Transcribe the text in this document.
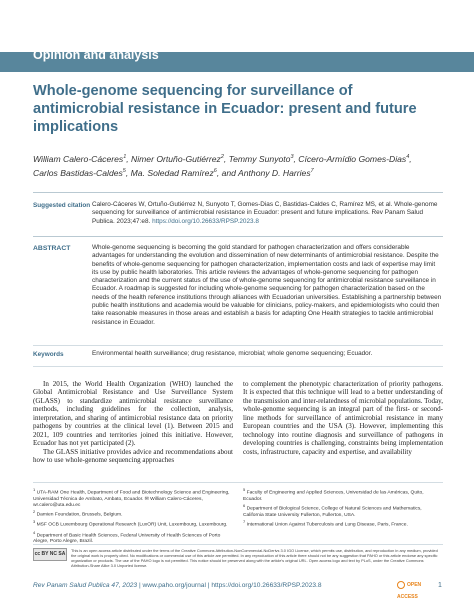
Opinion and analysis
Whole-genome sequencing for surveillance of antimicrobial resistance in Ecuador: present and future implications
William Calero-Cáceres$^1$, Nimer Ortuño-Gutiérrez$^2$, Temmy Sunyoto$^3$, Cícero-Armídio Gomes-Dias$^4$,
Carlos Bastidas-Caldes$^5$, Ma. Soledad Ramírez$^6$, and Anthony D. Harries$^7$
Suggested citation Calero-Cáceres W, Ortuño-Gutiérrez N, Sunyoto T, Gomes-Dias C, Bastidas-Caldes C, Ramírez MS, et al. Whole-genome sequencing for surveillance of antimicrobial resistance in Ecuador: present and future implications. Rev Panam Salud Publica. 2023;47:e8. https://doi.org/10.26633/RPSP.2023.8
ABSTRACT	Whole-genome sequencing is becoming the gold standard for pathogen characterization and offers considerable advantages for understanding the evolution and dissemination of new determinants of antimicrobial resistance. Despite the benefits of whole-genome sequencing for pathogen characterization, implementation costs and lack of expertise may limit its use by public health laboratories. This article reviews the advantages of whole-genome sequencing for pathogen characterization and the current status of the use of whole-genome sequencing for antimicrobial resistance surveillance in Ecuador. A roadmap is suggested for including whole-genome sequencing for pathogen characterization based on the needs of the health reference institutions through alliances with Ecuadorian universities. Establishing a partnership between public health institutions and academia would be valuable for clinicians, policy-makers, and epidemiologists who could then take reasonable measures in those areas and establish a basis for adapting One Health strategies to tackle antimicrobial resistance in Ecuador.
Keywords	Environmental health surveillance; drug resistance, microbial; whole genome sequencing; Ecuador.

In 2015, the World Health Organization (WHO) launched the Global Antimicrobial Resistance and Use Surveillance System (GLASS) to standardize antimicrobial resistance surveillance methods, including guidelines for the collection, analysis, interpretation, and sharing of antimicrobial resistance data on priority pathogens by countries at the clinical level (1). Between 2015 and 2021, 109 countries and territories joined this initiative. However, Ecuador has not yet participated (2).

The GLASS initiative provides advice and recommendations about how to use whole-genome sequencing approaches

to complement the phenotypic characterization of priority pathogens. It is expected that this technique will lead to a better understanding of the transmission and inter-relatedness of microbial populations. Today, whole-genome sequencing is an integral part of the first- or second-line methods for surveillance of antimicrobial resistance in many European countries and the USA (3). However, implementing this technology into routine diagnosis and surveillance of pathogens in developing countries is challenging, constraints being implementation costs, infrastructure, capacity and expertise, and availability

$^1$ UTA-RAM One Health, Department of Food and Biotechnology Science and Engineering, Universidad Técnica de Ambato, Ambato, Ecuador. ✉ William Calero-Cáceres, wr.calero@uta.edu.ec
$^2$ Damien Foundation, Brussels, Belgium.
$^3$ MSF OCB Luxembourg Operational Research (LuxOR) Unit, Luxembourg, Luxembourg.
$^4$ Department of Basic Health Sciences, Federal University of Health Sciences of Porto Alegre, Porto Alegre, Brazil.
$^5$ Faculty of Engineering and Applied Sciences, Universidad de las Américas, Quito, Ecuador.
$^6$ Department of Biological Science, College of Natural Sciences and Mathematics, California State University Fullerton, Fullerton, USA.
$^7$ International Union Against Tuberculosis and Lung Disease, Paris, France.
cc BY NC SA
This is an open access article distributed under the terms of the Creative Commons Attribution-NonCommercial-NoDerivs 3.0 IGO License, which permits use, distribution, and reproduction in any medium, provided the original work is properly cited. No modifications or commercial use of this article are permitted. In any reproduction of this article there should not be any suggestion that PAHO or this article endorse any specific organization or products. The use of the PAHO logo is not permitted. This notice should be preserved along with the article's original URL. Open access logo and text by PLoS, under the Creative Commons Attribution-Share Alike 3.0 Unported license.
Rev Panam Salud Publica 47, 2023 | www.paho.org/journal | https://doi.org/10.26633/RPSP.2023.8	OPEN ACCESS
1
